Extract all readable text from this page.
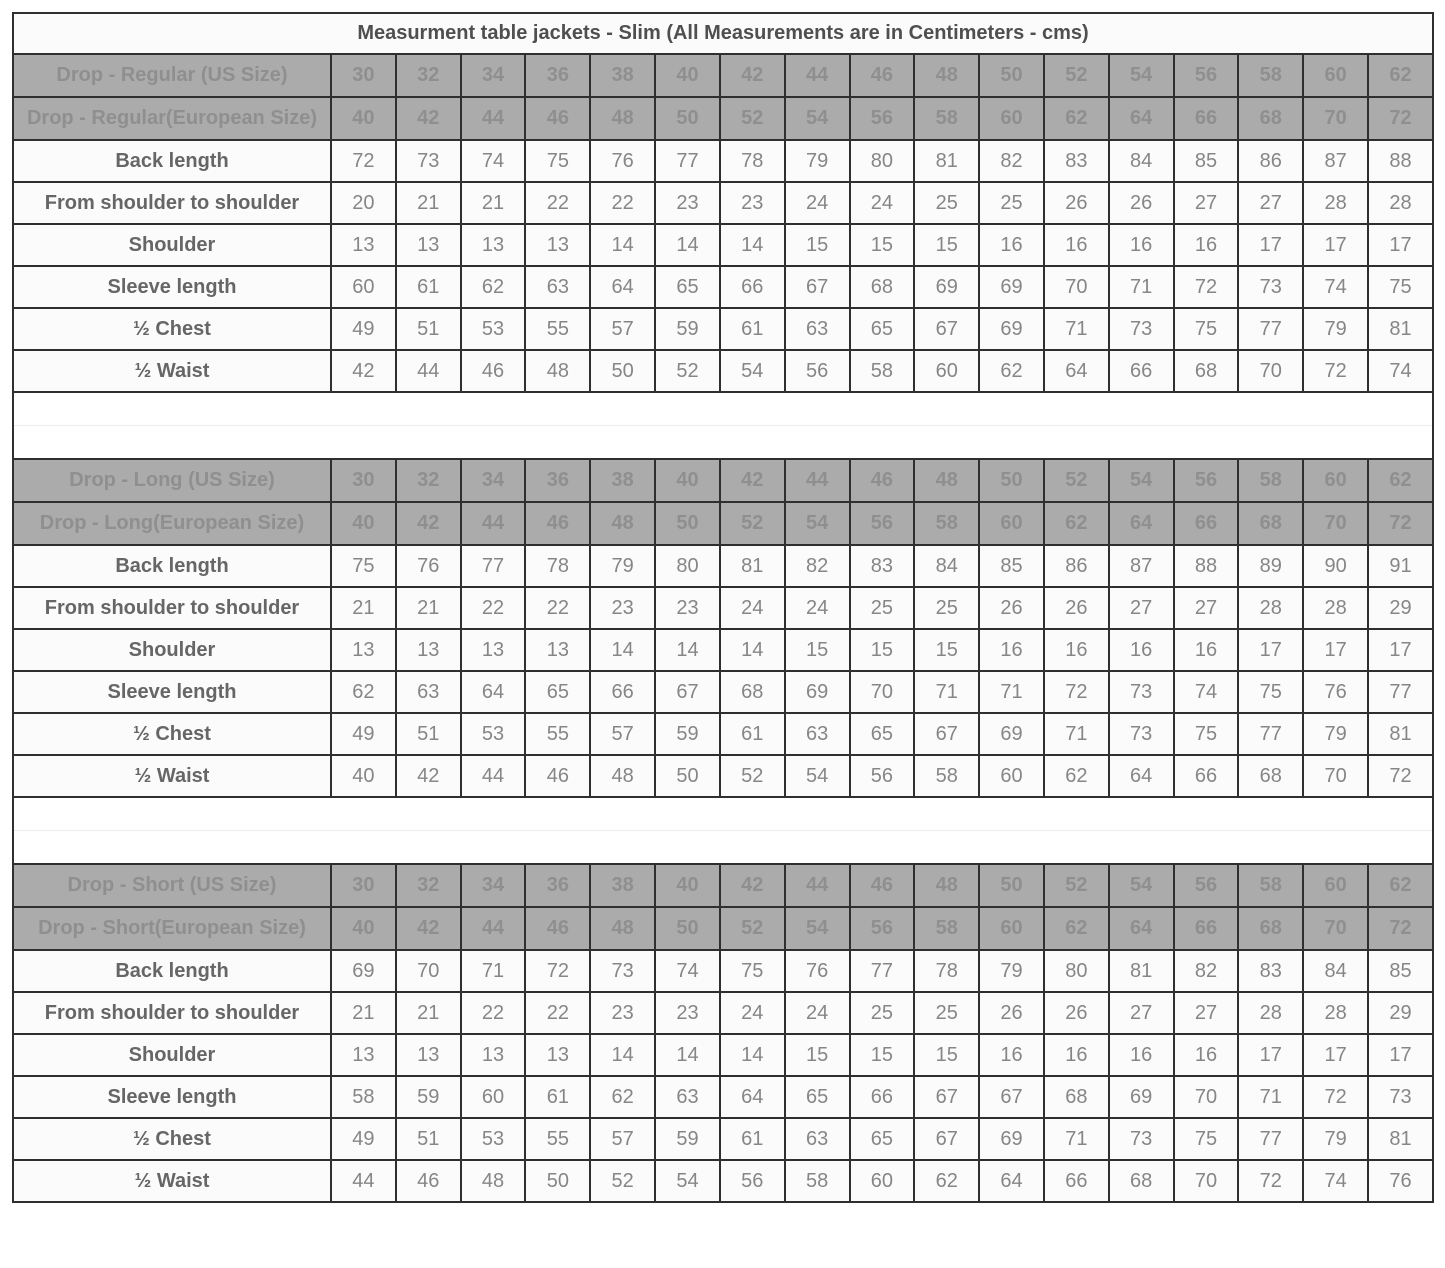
Measurment table jackets - Slim (All Measurements are in Centimeters - cms)																	
Drop - Regular (US Size)	30	32	34	36	38	40	42	44	46	48	50	52	54	56	58	60	62
Drop - Regular(European Size)	40	42	44	46	48	50	52	54	56	58	60	62	64	66	68	70	72
Back length	72	73	74	75	76	77	78	79	80	81	82	83	84	85	86	87	88
From shoulder to shoulder	20	21	21	22	22	23	23	24	24	25	25	26	26	27	27	28	28
Shoulder	13	13	13	13	14	14	14	15	15	15	16	16	16	16	17	17	17
Sleeve length	60	61	62	63	64	65	66	67	68	69	69	70	71	72	73	74	75
½ Chest	49	51	53	55	57	59	61	63	65	67	69	71	73	75	77	79	81
½ Waist	42	44	46	48	50	52	54	56	58	60	62	64	66	68	70	72	74

Drop - Long (US Size)	30	32	34	36	38	40	42	44	46	48	50	52	54	56	58	60	62
Drop - Long(European Size)	40	42	44	46	48	50	52	54	56	58	60	62	64	66	68	70	72
Back length	75	76	77	78	79	80	81	82	83	84	85	86	87	88	89	90	91
From shoulder to shoulder	21	21	22	22	23	23	24	24	25	25	26	26	27	27	28	28	29
Shoulder	13	13	13	13	14	14	14	15	15	15	16	16	16	16	17	17	17
Sleeve length	62	63	64	65	66	67	68	69	70	71	71	72	73	74	75	76	77
½ Chest	49	51	53	55	57	59	61	63	65	67	69	71	73	75	77	79	81
½ Waist	40	42	44	46	48	50	52	54	56	58	60	62	64	66	68	70	72

Drop - Short (US Size)	30	32	34	36	38	40	42	44	46	48	50	52	54	56	58	60	62
Drop - Short(European Size)	40	42	44	46	48	50	52	54	56	58	60	62	64	66	68	70	72
Back length	69	70	71	72	73	74	75	76	77	78	79	80	81	82	83	84	85
From shoulder to shoulder	21	21	22	22	23	23	24	24	25	25	26	26	27	27	28	28	29
Shoulder	13	13	13	13	14	14	14	15	15	15	16	16	16	16	17	17	17
Sleeve length	58	59	60	61	62	63	64	65	66	67	67	68	69	70	71	72	73
½ Chest	49	51	53	55	57	59	61	63	65	67	69	71	73	75	77	79	81
½ Waist	44	46	48	50	52	54	56	58	60	62	64	66	68	70	72	74	76
